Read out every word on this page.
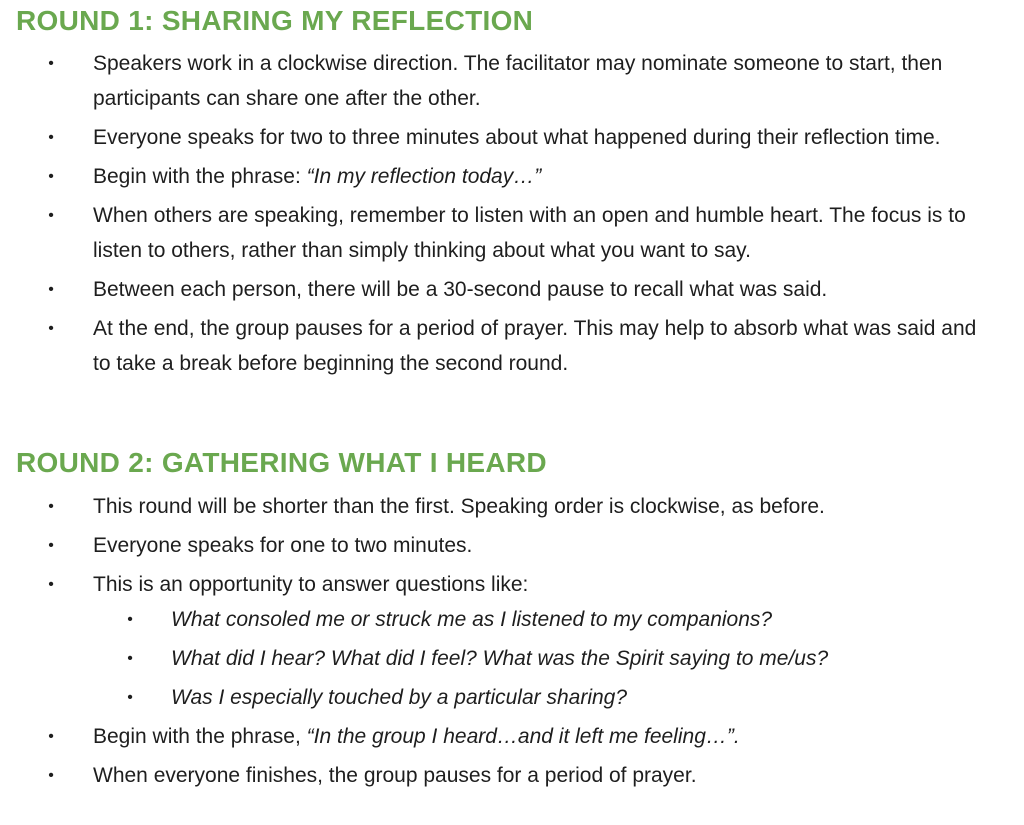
ROUND 1: SHARING MY REFLECTION
• Speakers work in a clockwise direction. The facilitator may nominate someone to start, then participants can share one after the other.
• Everyone speaks for two to three minutes about what happened during their reflection time.
• Begin with the phrase: “In my reflection today…”
• When others are speaking, remember to listen with an open and humble heart. The focus is to listen to others, rather than simply thinking about what you want to say.
• Between each person, there will be a 30-second pause to recall what was said.
• At the end, the group pauses for a period of prayer. This may help to absorb what was said and to take a break before beginning the second round.
ROUND 2: GATHERING WHAT I HEARD
• This round will be shorter than the first. Speaking order is clockwise, as before.
• Everyone speaks for one to two minutes.
• This is an opportunity to answer questions like:
• What consoled me or struck me as I listened to my companions?
• What did I hear? What did I feel? What was the Spirit saying to me/us?
• Was I especially touched by a particular sharing?
• Begin with the phrase, “In the group I heard…and it left me feeling…”.
• When everyone finishes, the group pauses for a period of prayer.
